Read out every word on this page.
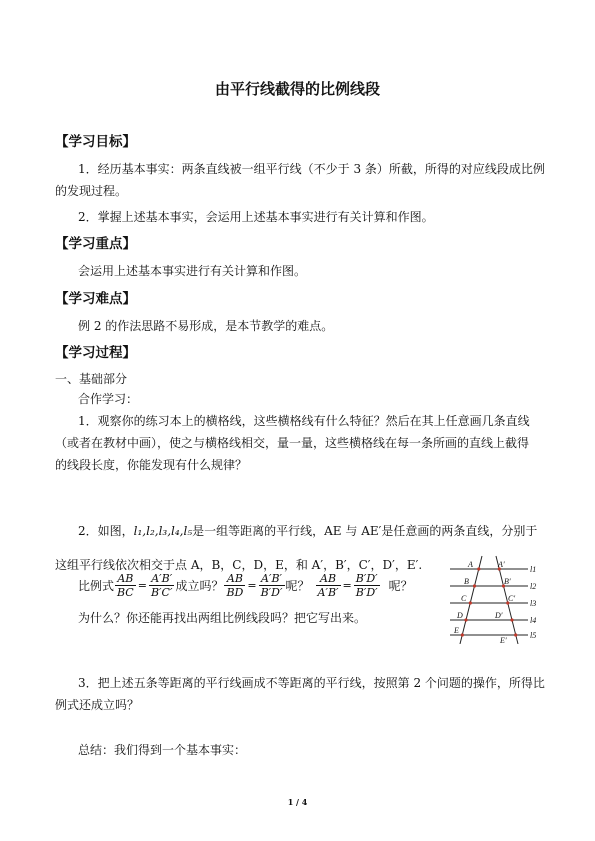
由平行线截得的比例线段
【学习目标】
1．经历基本事实：两条直线被一组平行线（不少于 3 条）所截，所得的对应线段成比例
的发现过程。
2．掌握上述基本事实，会运用上述基本事实进行有关计算和作图。
【学习重点】
会运用上述基本事实进行有关计算和作图。
【学习难点】
例 2 的作法思路不易形成，是本节教学的难点。
【学习过程】
一、基础部分
合作学习：
1．观察你的练习本上的横格线，这些横格线有什么特征？然后在其上任意画几条直线
（或者在教材中画），使之与横格线相交，量一量，这些横格线在每一条所画的直线上截得
的线段长度，你能发现有什么规律？
2．如图，l₁,l₂,l₃,l₄,l₅是一组等距离的平行线，AE 与 AE′是任意画的两条直线，分别于
这组平行线依次相交于点 A，B，C，D，E，和 A′，B′，C′，D′，E′.
比例式 $\frac{AB}{BC} = \frac{A'B'}{B'C'}$ 成立吗？ $\frac{AB}{BD} = \frac{A'B'}{B'D'}$ 呢？ $\frac{AB}{A'B'} = \frac{B'D'}{B'D'}$ 呢？
为什么？你还能再找出两组比例线段吗？把它写出来。
l1
l2
l3
l4
l5
A
B
C
D
E
A′
B′
C′
D′
E′
3．把上述五条等距离的平行线画成不等距离的平行线，按照第 2 个问题的操作，所得比
例式还成立吗？
总结：我们得到一个基本事实：
1 / 4
